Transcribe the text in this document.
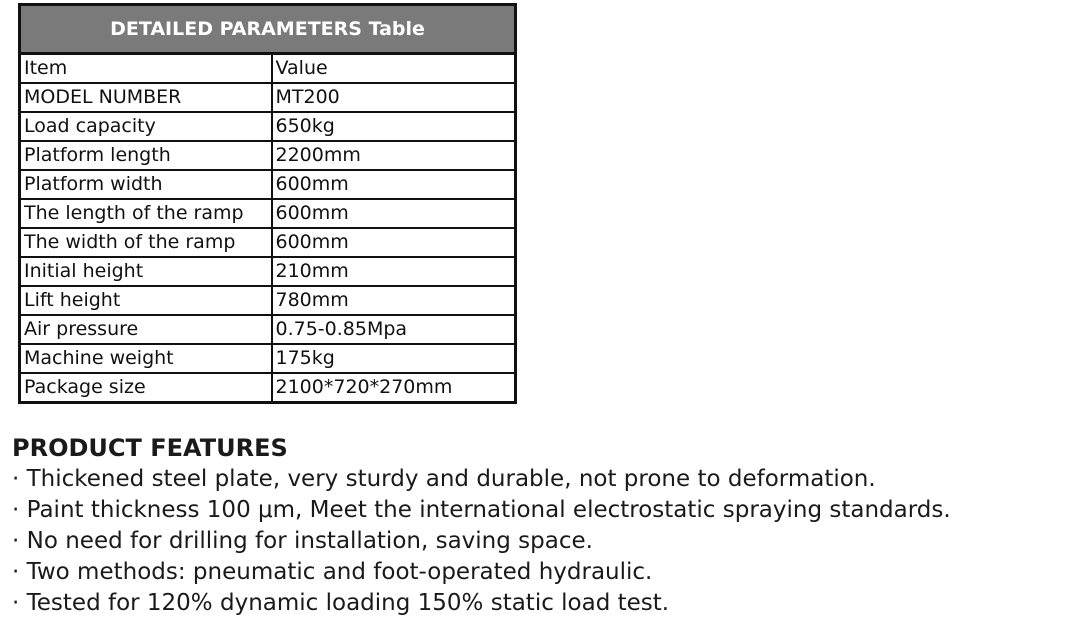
DETAILED PARAMETERS Table	
Item	Value
MODEL NUMBER	MT200
Load capacity	650kg
Platform length	2200mm
Platform width	600mm
The length of the ramp	600mm
The width of the ramp	600mm
Initial height	210mm
Lift height	780mm
Air pressure	0.75-0.85Mpa
Machine weight	175kg
Package size	2100*720*270mm
PRODUCT FEATURES
· Thickened steel plate, very sturdy and durable, not prone to deformation.
· Paint thickness 100 μm, Meet the international electrostatic spraying standards.
· No need for drilling for installation, saving space.
· Two methods: pneumatic and foot-operated hydraulic.
· Tested for 120% dynamic loading 150% static load test.
